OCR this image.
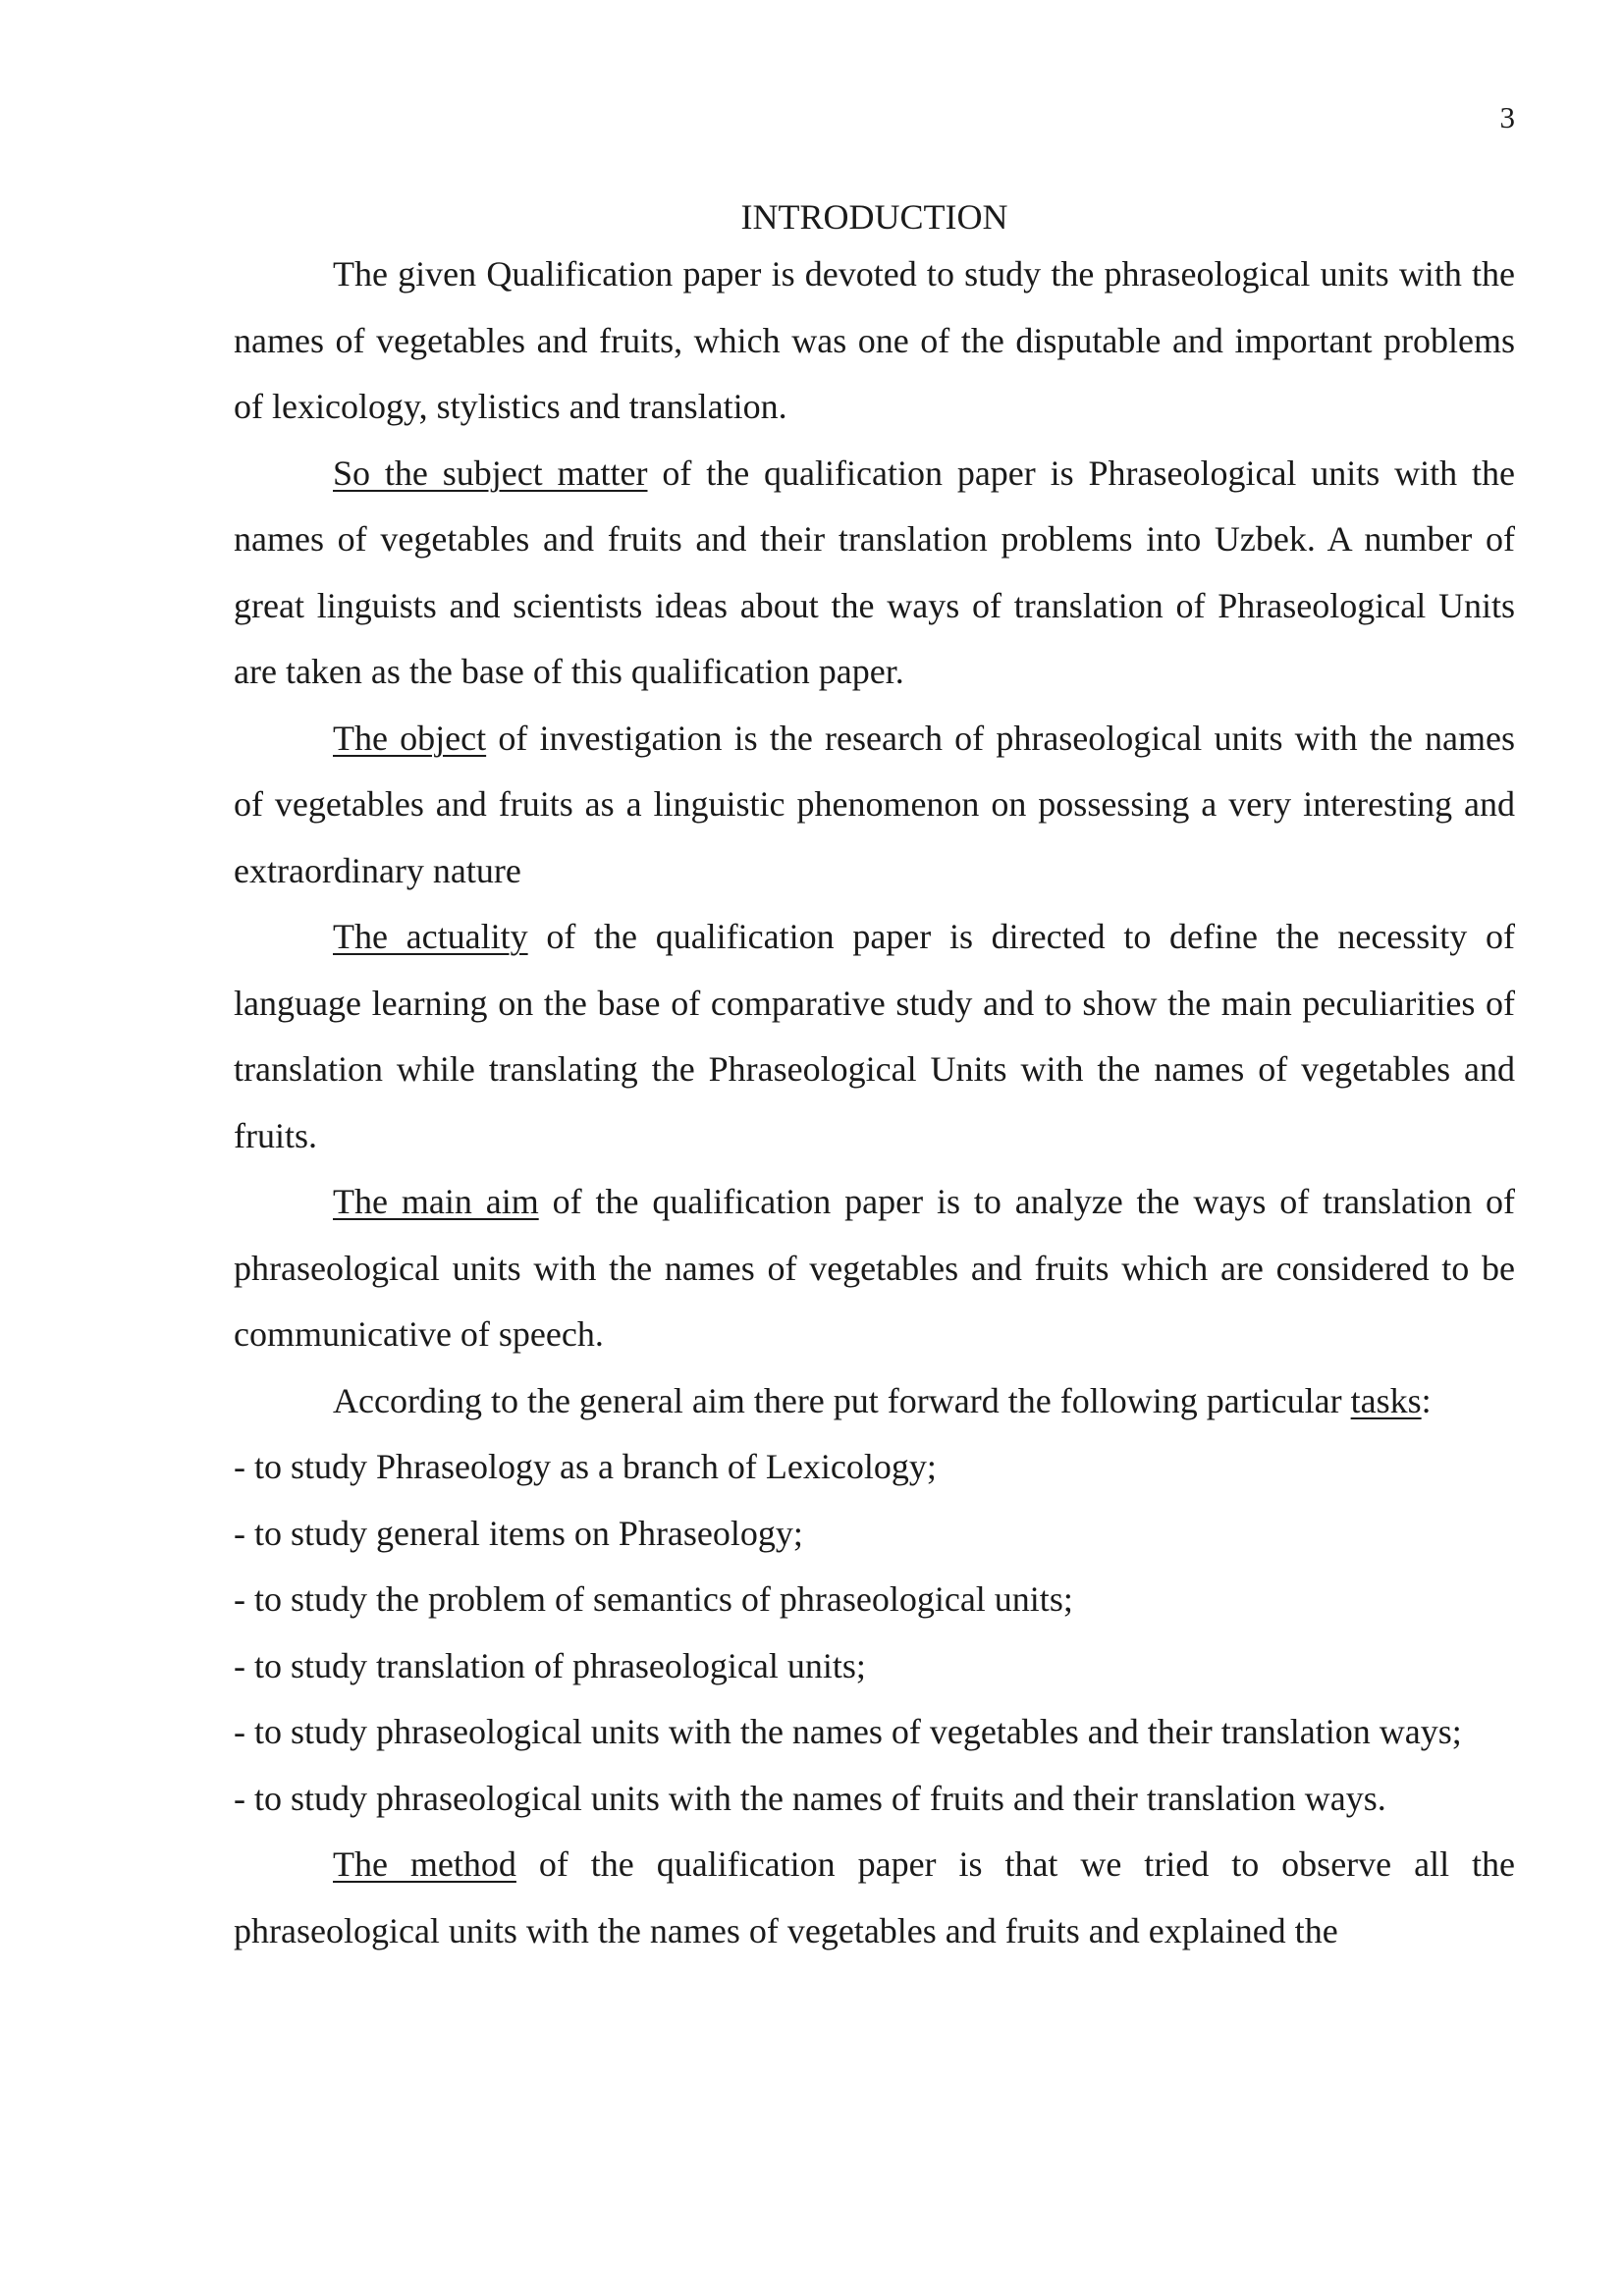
3
INTRODUCTION

The given Qualification paper is devoted to study the phraseological units with the names of vegetables and fruits, which was one of the disputable and important problems of lexicology, stylistics and translation.

So the subject matter of the qualification paper is Phraseological units with the names of vegetables and fruits and their translation problems into Uzbek. A number of great linguists and scientists ideas about the ways of translation of Phraseological Units are taken as the base of this qualification paper.

The object of investigation is the research of phraseological units with the names of vegetables and fruits as a linguistic phenomenon on possessing a very interesting and extraordinary nature

The actuality of the qualification paper is directed to define the necessity of language learning on the base of comparative study and to show the main peculiarities of translation while translating the Phraseological Units with the names of vegetables and fruits.

The main aim of the qualification paper is to analyze the ways of translation of phraseological units with the names of vegetables and fruits which are considered to be communicative of speech.

According to the general aim there put forward the following particular tasks:

- to study Phraseology as a branch of Lexicology;

- to study general items on Phraseology;

- to study the problem of semantics of phraseological units;

- to study translation of phraseological units;

- to study phraseological units with the names of vegetables and their translation ways;

- to study phraseological units with the names of fruits and their translation ways.

The method of the qualification paper is that we tried to observe all the phraseological units with the names of vegetables and fruits and explained the
